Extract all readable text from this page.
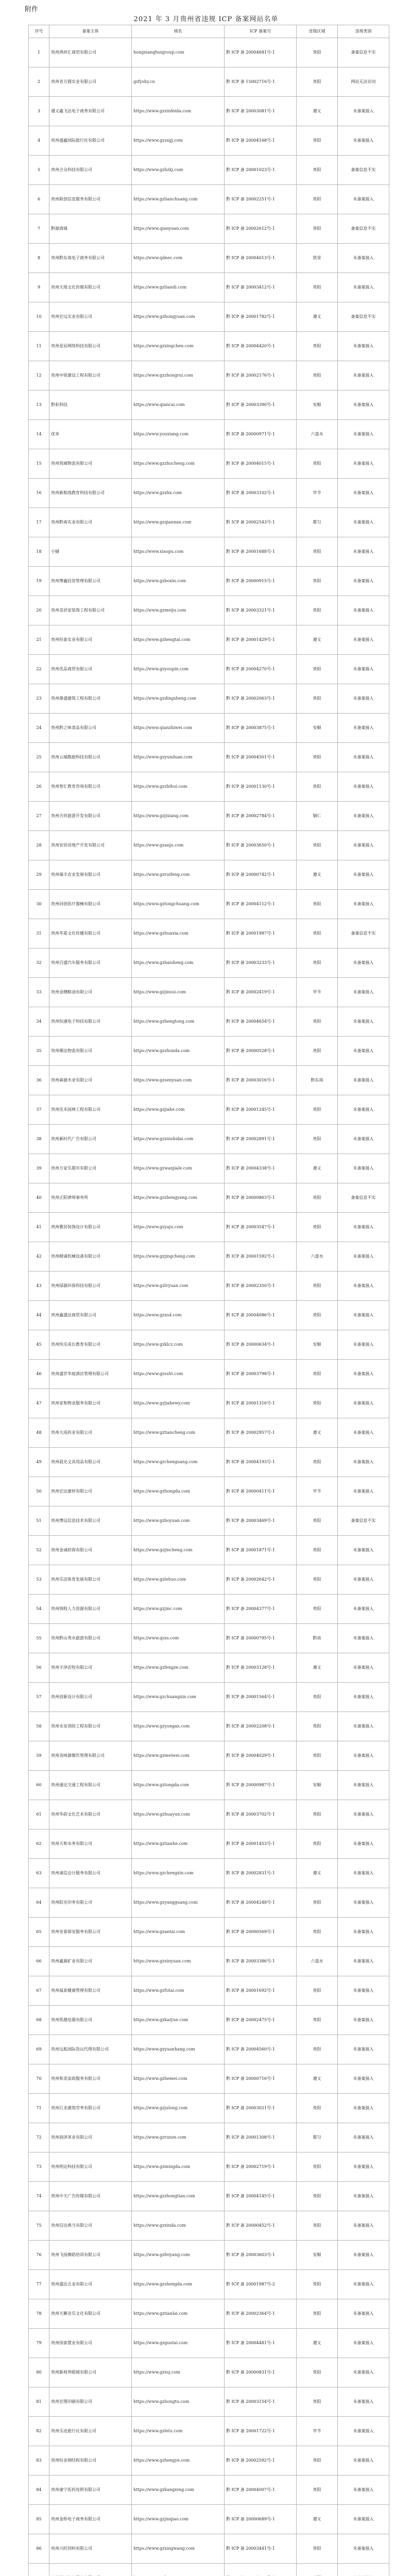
附件
2021 年 3 月贵州省违规 ICP 备案网站名单
序号	备案主体	域名	ICP 备案号	省级区域	违规类别
1	贵州鸿祥汇商贸有限公司	hongxianghuigroup.com	黔 ICP 备 20004681号-1	贵阳	备案信息不实
2	贵州省方圆实业有限公司	gzfyshy.cn	黔 ICP 备 15002716号-1	贵阳	网站无法访问
3	遵义鑫飞达电子商务有限公司	https://www.gzxinfeida.com	黔 ICP 备 20003081号-1	遵义	未备案接入
4	贵州盛鑫国际旅行社有限公司	https://www.gzsxgj.com	黔 ICP 备 20004168号-1	贵阳	未备案接入
5	贵州合众科技有限公司	https://www.gzhzkj.com	黔 ICP 备 20001023号-1	贵阳	备案信息不实
6	贵州联创信息服务有限公司	https://www.gzlianchuang.com	黔 ICP 备 20002251号-1	贵阳	未备案接入
7	黔源商城	https://www.qianyuan.com	黔 ICP 备 20002612号-1	贵阳	备案信息不实
8	贵州黔东南电子商务有限公司	https://www.qdnec.com	黔 ICP 备 20004013号-1	凯里	未备案接入
9	贵州天地文化传媒有限公司	https://www.gztiandi.com	黔 ICP 备 20003412号-1	贵阳	未备案接入
10	贵州宏远实业有限公司	https://www.gzhongyuan.com	黔 ICP 备 20001782号-1	遵义	备案信息不实
11	贵州星辰网络科技有限公司	https://www.gzxingchen.com	黔 ICP 备 20004420号-1	贵阳	未备案接入
12	贵州中锐建设工程有限公司	https://www.gzzhongrui.com	黔 ICP 备 20002176号-1	贵阳	未备案接入
13	黔彩科技	https://www.qiancai.com	黔 ICP 备 20003390号-1	安顺	未备案接入
14	优享	https://www.youxiang.com	黔 ICP 备 20000971号-1	六盘水	未备案接入
15	贵州筑城物流有限公司	https://www.gzzhucheng.com	黔 ICP 备 20004015号-1	贵阳	未备案接入
16	贵州新航线教育科技有限公司	https://www.gzxhx.com	黔 ICP 备 20003102号-1	毕节	未备案接入
17	贵州黔南实业有限公司	https://www.gzqiannan.com	黔 ICP 备 20002543号-1	都匀	未备案接入
18	小铺	https://www.xiaopu.com	黔 ICP 备 20001688号-1	贵阳	未备案接入
19	贵州博鑫投资管理有限公司	https://www.gzboxin.com	黔 ICP 备 20000915号-1	贵阳	未备案接入
20	贵州美居家装饰工程有限公司	https://www.gzmeiju.com	黔 ICP 备 20003321号-1	贵阳	未备案接入
21	贵州恒泰实业有限公司	https://www.gzhengtai.com	黔 ICP 备 20001429号-1	遵义	未备案接入
22	贵州优品商贸有限公司	https://www.gzyoupin.com	黔 ICP 备 20004270号-1	贵阳	未备案接入
23	贵州鼎盛建筑工程有限公司	https://www.gzdingsheng.com	黔 ICP 备 20002063号-1	贵阳	未备案接入
24	贵州黔之味食品有限公司	https://www.qianzhiwei.com	黔 ICP 备 20003875号-1	安顺	未备案接入
25	贵州云端数据科技有限公司	https://www.gzyunduan.com	黔 ICP 备 20004501号-1	贵阳	未备案接入
26	贵州智汇教育咨询有限公司	https://www.gzzhihui.com	黔 ICP 备 20001130号-1	贵阳	未备案接入
27	贵州吉祥旅游开发有限公司	https://www.gzjixiang.com	黔 ICP 备 20002784号-1	铜仁	未备案接入
28	贵州安居房地产开发有限公司	https://www.gzanju.com	黔 ICP 备 20003650号-1	贵阳	未备案接入
29	贵州瑞丰农业发展有限公司	https://www.gzruifeng.com	黔 ICP 备 20000742号-1	遵义	未备案接入
30	贵州同创医疗器械有限公司	https://www.gztongchuang.com	黔 ICP 备 20004112号-1	贵阳	未备案接入
31	贵州华夏文化传播有限公司	https://www.gzhuaxia.com	黔 ICP 备 20001987号-1	贵阳	备案信息不实
32	贵州百盛汽车服务有限公司	https://www.gzbaisheng.com	黔 ICP 备 20003233号-1	贵阳	未备案接入
33	贵州金穗粮油有限公司	https://www.gzjinsui.com	黔 ICP 备 20002419号-1	毕节	未备案接入
34	贵州恒通电子科技有限公司	https://www.gzhengtong.com	黔 ICP 备 20004654号-1	贵阳	未备案接入
35	贵州顺达物流有限公司	https://www.gzshunda.com	黔 ICP 备 20000528号-1	贵阳	未备案接入
36	贵州森源木业有限公司	https://www.gzsenyuan.com	黔 ICP 备 20003016号-1	黔东南	未备案接入
37	贵州佳禾园林工程有限公司	https://www.gzjiahe.com	黔 ICP 备 20001245号-1	贵阳	未备案接入
38	贵州新时代广告有限公司	https://www.gzxinshidai.com	黔 ICP 备 20002891号-1	贵阳	未备案接入
39	贵州万家乐超市有限公司	https://www.gzwanjiale.com	黔 ICP 备 20004338号-1	遵义	未备案接入
40	贵州正阳律师事务所	https://www.gzzhengyang.com	黔 ICP 备 20000863号-1	贵阳	备案信息不实
41	贵州雅居装饰设计有限公司	https://www.gzyaju.com	黔 ICP 备 20003547号-1	贵阳	未备案接入
42	贵州精诚机械设备有限公司	https://www.gzjingcheng.com	黔 ICP 备 20001592号-1	六盘水	未备案接入
43	贵州绿源环保科技有限公司	https://www.gzlvyuan.com	黔 ICP 备 20002350号-1	贵阳	未备案接入
44	贵州鑫盛达商贸有限公司	https://www.gzxsd.com	黔 ICP 备 20004086号-1	贵阳	未备案接入
45	贵州快乐成长教育有限公司	https://www.gzklcz.com	黔 ICP 备 20000634号-1	安顺	未备案接入
46	贵州盛世华庭酒店管理有限公司	https://www.gzssht.com	黔 ICP 备 20003798号-1	贵阳	未备案接入
47	贵州家和物业服务有限公司	https://www.gzjiahewy.com	黔 ICP 备 20001316号-1	贵阳	未备案接入
48	贵州天成药业有限公司	https://www.gztiancheng.com	黔 ICP 备 20002957号-1	遵义	未备案接入
49	贵州晨光文具用品有限公司	https://www.gzchenguang.com	黔 ICP 备 20004193号-1	贵阳	未备案接入
50	贵州宏达建材有限公司	https://www.gzhongda.com	黔 ICP 备 20000411号-1	毕节	未备案接入
51	贵州博远信息技术有限公司	https://www.gzboyuan.com	黔 ICP 备 20003469号-1	贵阳	备案信息不实
52	贵州金诚担保有限公司	https://www.gzjincheng.com	黔 ICP 备 20001871号-1	贵阳	未备案接入
53	贵州乐活体育发展有限公司	https://www.gzlehuo.com	黔 ICP 备 20002642号-1	贵阳	未备案接入
54	贵州锦程人力资源有限公司	https://www.gzjinc.com	黔 ICP 备 20004377号-1	贵阳	未备案接入
55	贵州黔山秀水旅游有限公司	https://www.qsxs.com	黔 ICP 备 20000795号-1	黔南	未备案接入
56	贵州丰泽农牧有限公司	https://www.gzfengze.com	黔 ICP 备 20003128号-1	遵义	未备案接入
57	贵州创新设计有限公司	https://www.gzchuangxin.com	黔 ICP 备 20001564号-1	贵阳	未备案接入
58	贵州永安消防工程有限公司	https://www.gzyongan.com	黔 ICP 备 20002208号-1	贵阳	未备案接入
59	贵州美味源餐饮管理有限公司	https://www.gzmeiwei.com	黔 ICP 备 20004029号-1	贵阳	未备案接入
60	贵州通达交通工程有限公司	https://www.gztongda.com	黔 ICP 备 20000987号-1	安顺	未备案接入
61	贵州华韵文化艺术有限公司	https://www.gzhuayun.com	黔 ICP 备 20003702号-1	贵阳	未备案接入
62	贵州天和水务有限公司	https://www.gztianhe.com	黔 ICP 备 20001453号-1	贵阳	未备案接入
63	贵州诚信会计服务有限公司	https://www.gzchengxin.com	黔 ICP 备 20002831号-1	遵义	未备案接入
64	贵州阳光印务有限公司	https://www.gzyangguang.com	黔 ICP 备 20004248号-1	贵阳	未备案接入
65	贵州安泰保安服务有限公司	https://www.gzantai.com	黔 ICP 备 20000569号-1	贵阳	未备案接入
66	贵州鑫源矿业有限公司	https://www.gzxinyuan.com	黔 ICP 备 20003386号-1	六盘水	未备案接入
67	贵州福泰健康管理有限公司	https://www.gzfutai.com	黔 ICP 备 20001692号-1	贵阳	未备案接入
68	贵州凯越电器有限公司	https://www.gzkaiyue.com	黔 ICP 备 20002475号-1	贵阳	未备案接入
69	贵州远航国际货运代理有限公司	https://www.gzyuanhang.com	黔 ICP 备 20004560号-1	贵阳	未备案接入
70	贵州和美家政服务有限公司	https://www.gzhemei.com	黔 ICP 备 20000716号-1	遵义	未备案接入
71	贵州巨龙建筑劳务有限公司	https://www.gzjulong.com	黔 ICP 备 20003021号-1	贵阳	未备案接入
72	贵州润泽茶业有限公司	https://www.gzrunze.com	黔 ICP 备 20001308号-1	都匀	未备案接入
73	贵州明达科技有限公司	https://www.gzmingda.com	黔 ICP 备 20002719号-1	贵阳	未备案接入
74	贵州中天广告传媒有限公司	https://www.gzzhongtian.com	黔 ICP 备 20004145号-1	贵阳	未备案接入
75	贵州信达典当有限公司	https://www.gzxinda.com	黔 ICP 备 20000452号-1	贵阳	未备案接入
76	贵州飞扬舞蹈培训有限公司	https://www.gzfeiyang.com	黔 ICP 备 20003603号-1	安顺	未备案接入
77	贵州盛达五金有限公司	https://www.gzshengda.com	黔 ICP 备 20001987号-2	贵阳	未备案接入
78	贵州天籁音乐文化有限公司	https://www.gztianlai.com	黔 ICP 备 20002364号-1	贵阳	未备案接入
79	贵州国泰置业有限公司	https://www.gzguotai.com	黔 ICP 备 20004481号-1	遵义	未备案接入
80	贵州新视界眼镜有限公司	https://www.gzxsj.com	黔 ICP 备 20000831号-1	贵阳	未备案接入
81	贵州宏图印刷有限公司	https://www.gzhongtu.com	黔 ICP 备 20003154号-1	贵阳	未备案接入
82	贵州乐途旅行社有限公司	https://www.gzletu.com	黔 ICP 备 20001722号-1	毕节	未备案接入
83	贵州恒业钢结构有限公司	https://www.gzhengye.com	黔 ICP 备 20002592号-1	贵阳	未备案接入
84	贵州康宁医药连锁有限公司	https://www.gzkangning.com	黔 ICP 备 20004007号-1	贵阳	未备案接入
85	贵州金桥电子商务有限公司	https://www.gzjinqiao.com	黔 ICP 备 20000689号-1	遵义	未备案接入
86	贵州兴旺饲料有限公司	https://www.gzxingwang.com	黔 ICP 备 20003441号-1	贵阳	未备案接入
